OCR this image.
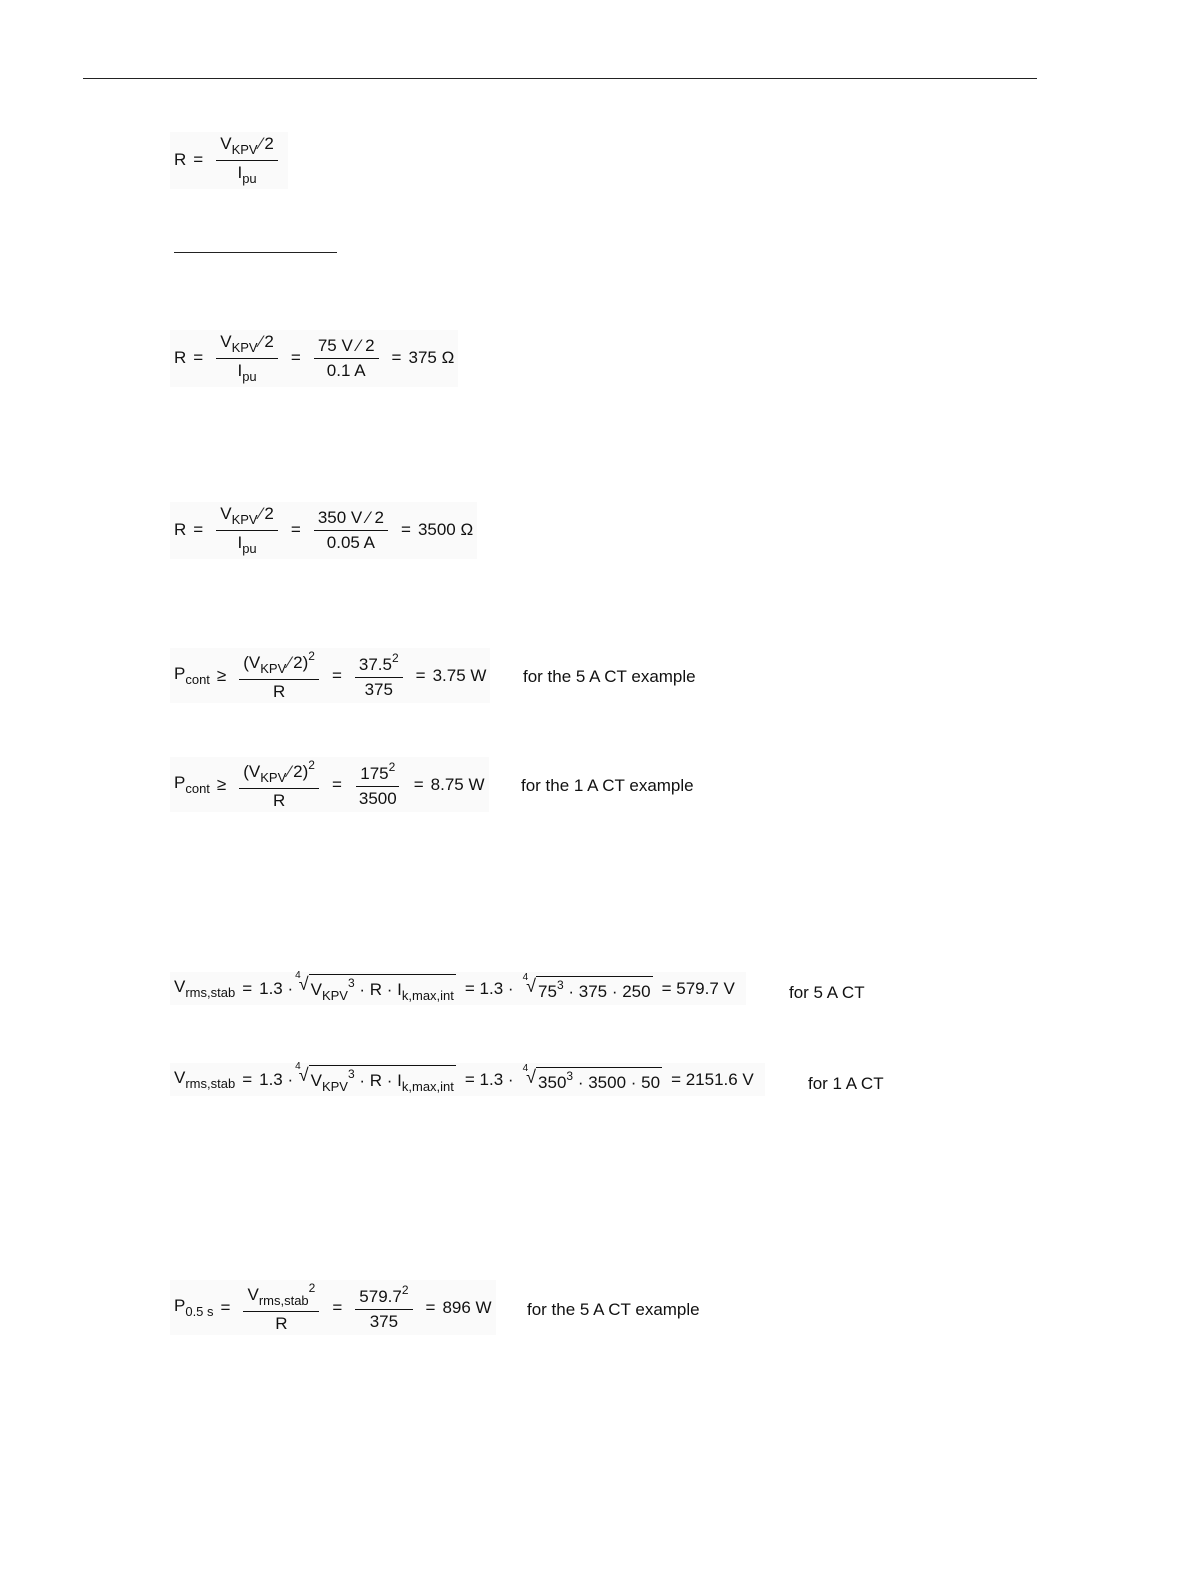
$R = \frac{V_{KPV} ⁄ 2}{I_{pu}}$
$R = \frac{V_{KPV} ⁄ 2}{I_{pu}} = \frac{75 V ⁄ 2}{0.1 A} = 375$ Ω
$R = \frac{V_{KPV} ⁄ 2}{I_{pu}} = \frac{350 V ⁄ 2}{0.05 A} = 3500$ Ω
$P_{cont} \ge \frac{(V_{KPV} ⁄ 2)^2}{R} = \frac{37.5^2}{375} = 3.75$ W for the 5 A CT example
$P_{cont} \ge \frac{(V_{KPV} ⁄ 2)^2}{R} = \frac{175^2}{3500} = 8.75$ W for the 1 A CT example
$V_{rms,stab} = 1.3$ ·
4
√ $V_{KPV}^3 \cdot R \cdot I_{k,max,int} = 1.3$ ·
4
√ $75^3 \cdot 375 \cdot 250 = 579.7$ V	for 5 A CT
$V_{rms,stab} = 1.3$ ·
4
√ $V_{KPV}^3 \cdot R \cdot I_{k,max,int} = 1.3$ ·
4
√ $350^3 \cdot 3500 \cdot 50 = 2151.6$ V	for 1 A CT
$P_{0.5 s} = \frac{V_{rms,stab}^2}{R} = \frac{579.7^2}{375} = 896$ W for the 5 A CT example
